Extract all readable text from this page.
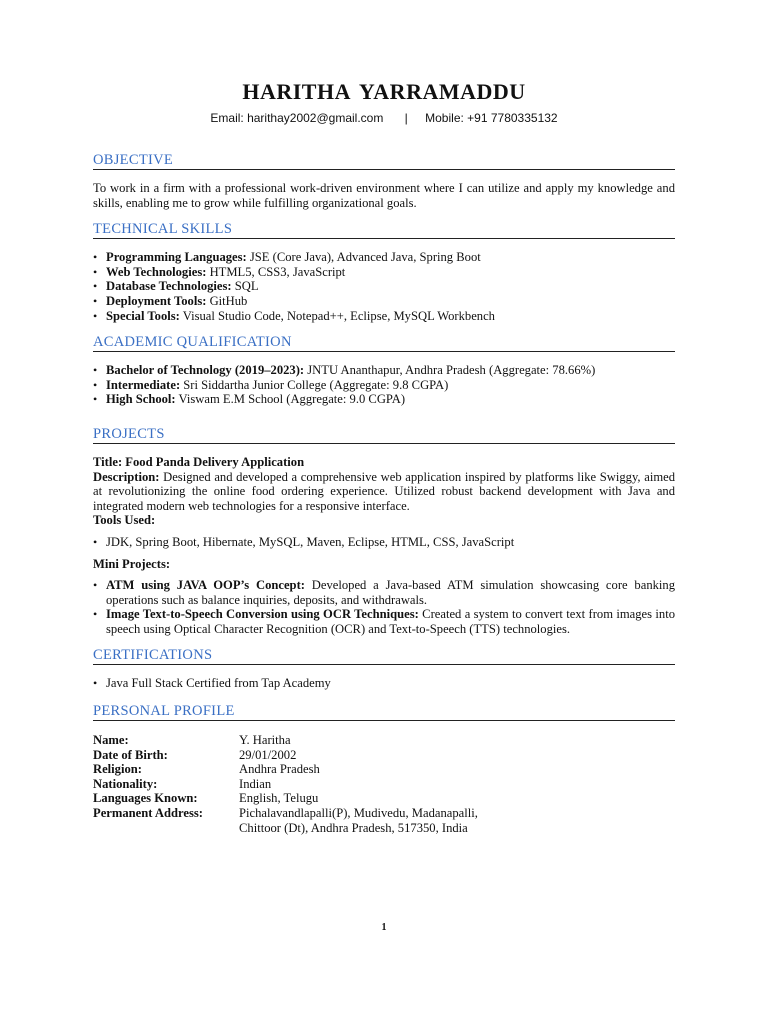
HARITHA YARRAMADDU
Email: harithay2002@gmail.com | Mobile: +91 7780335132
OBJECTIVE

To work in a firm with a professional work-driven environment where I can utilize and apply my knowledge and skills, enabling me to grow while fulfilling organizational goals.

TECHNICAL SKILLS
• Programming Languages: JSE (Core Java), Advanced Java, Spring Boot
• Web Technologies: HTML5, CSS3, JavaScript
• Database Technologies: SQL
• Deployment Tools: GitHub
• Special Tools: Visual Studio Code, Notepad++, Eclipse, MySQL Workbench
ACADEMIC QUALIFICATION
• Bachelor of Technology (2019–2023): JNTU Ananthapur, Andhra Pradesh (Aggregate: 78.66%)
• Intermediate: Sri Siddartha Junior College (Aggregate: 9.8 CGPA)
• High School: Viswam E.M School (Aggregate: 9.0 CGPA)
PROJECTS

Title: Food Panda Delivery Application

Description: Designed and developed a comprehensive web application inspired by platforms like Swiggy, aimed at revolutionizing the online food ordering experience. Utilized robust backend development with Java and integrated modern web technologies for a responsive interface.

Tools Used:

• JDK, Spring Boot, Hibernate, MySQL, Maven, Eclipse, HTML, CSS, JavaScript

Mini Projects:

• ATM using JAVA OOP’s Concept: Developed a Java-based ATM simulation showcasing core banking operations such as balance inquiries, deposits, and withdrawals.
• Image Text-to-Speech Conversion using OCR Techniques: Created a system to convert text from images into speech using Optical Character Recognition (OCR) and Text-to-Speech (TTS) technologies.
CERTIFICATIONS
• Java Full Stack Certified from Tap Academy
PERSONAL PROFILE
Name:	Y. Haritha
Date of Birth:	29/01/2002
Religion:	Andhra Pradesh
Nationality:	Indian
Languages Known:	English, Telugu
Permanent Address:	Pichalavandlapalli(P), Mudivedu, Madanapalli,
	Chittoor (Dt), Andhra Pradesh, 517350, India
1
